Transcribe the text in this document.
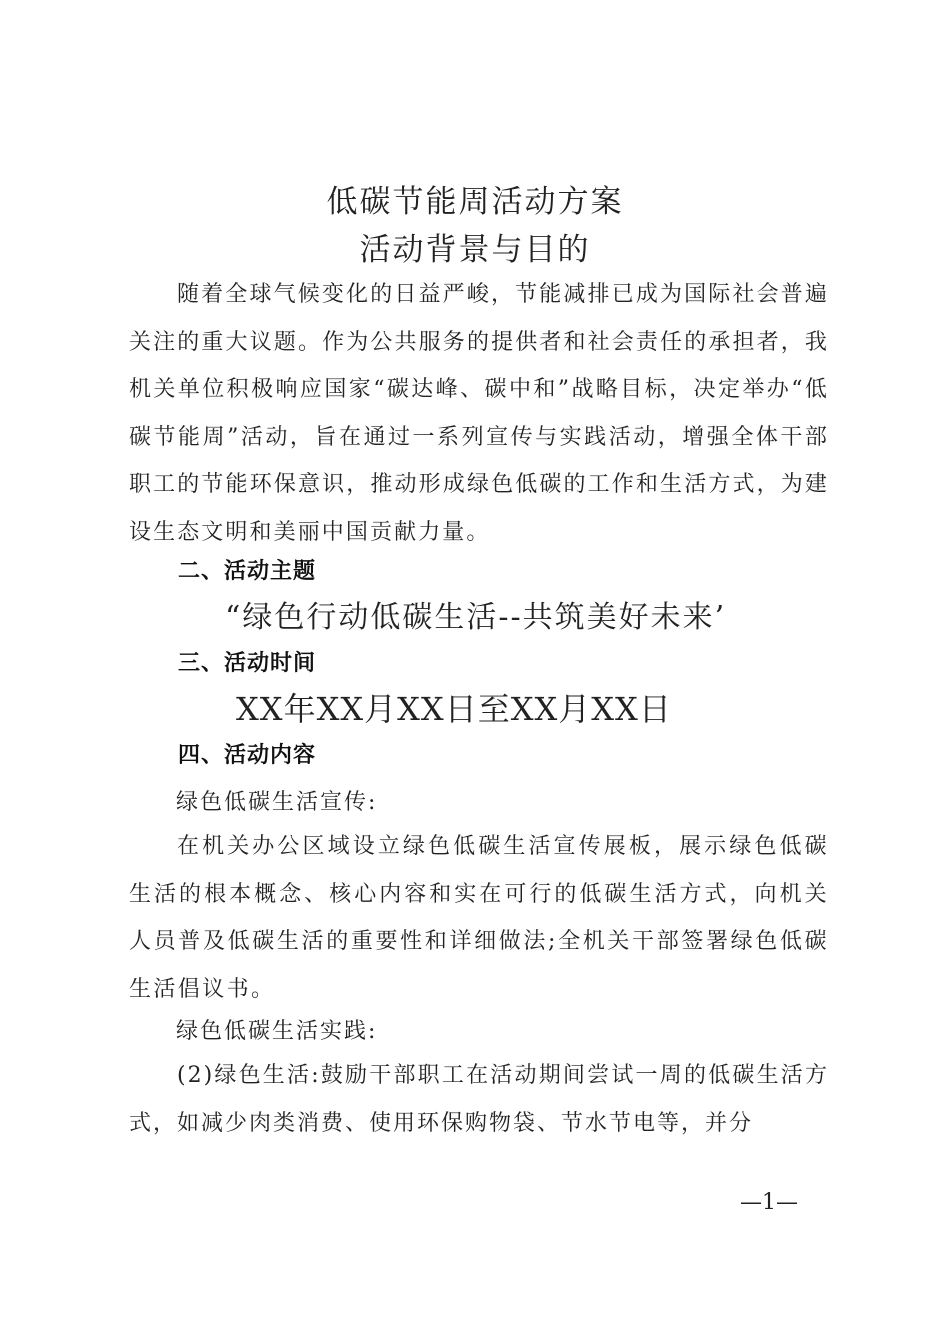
低碳节能周活动方案
活动背景与目的
随着全球气候变化的日益严峻，节能减排已成为国际社会普遍关注的重大议题。作为公共服务的提供者和社会责任的承担者，我机关单位积极响应国家“碳达峰、碳中和”战略目标，决定举办“低碳节能周”活动，旨在通过一系列宣传与实践活动，增强全体干部职工的节能环保意识，推动形成绿色低碳的工作和生活方式，为建设生态文明和美丽中国贡献力量。
二、活动主题
“绿色行动低碳生活--共筑美好未来’
三、活动时间
XX年XX月XX日至XX月XX日
四、活动内容
绿色低碳生活宣传:
在机关办公区域设立绿色低碳生活宣传展板，展示绿色低碳生活的根本概念、核心内容和实在可行的低碳生活方式，向机关人员普及低碳生活的重要性和详细做法;全机关干部签署绿色低碳生活倡议书。
绿色低碳生活实践:
(2)绿色生活:鼓励干部职工在活动期间尝试一周的低碳生活方式，如减少肉类消费、使用环保购物袋、节水节电等，并分
—1—
